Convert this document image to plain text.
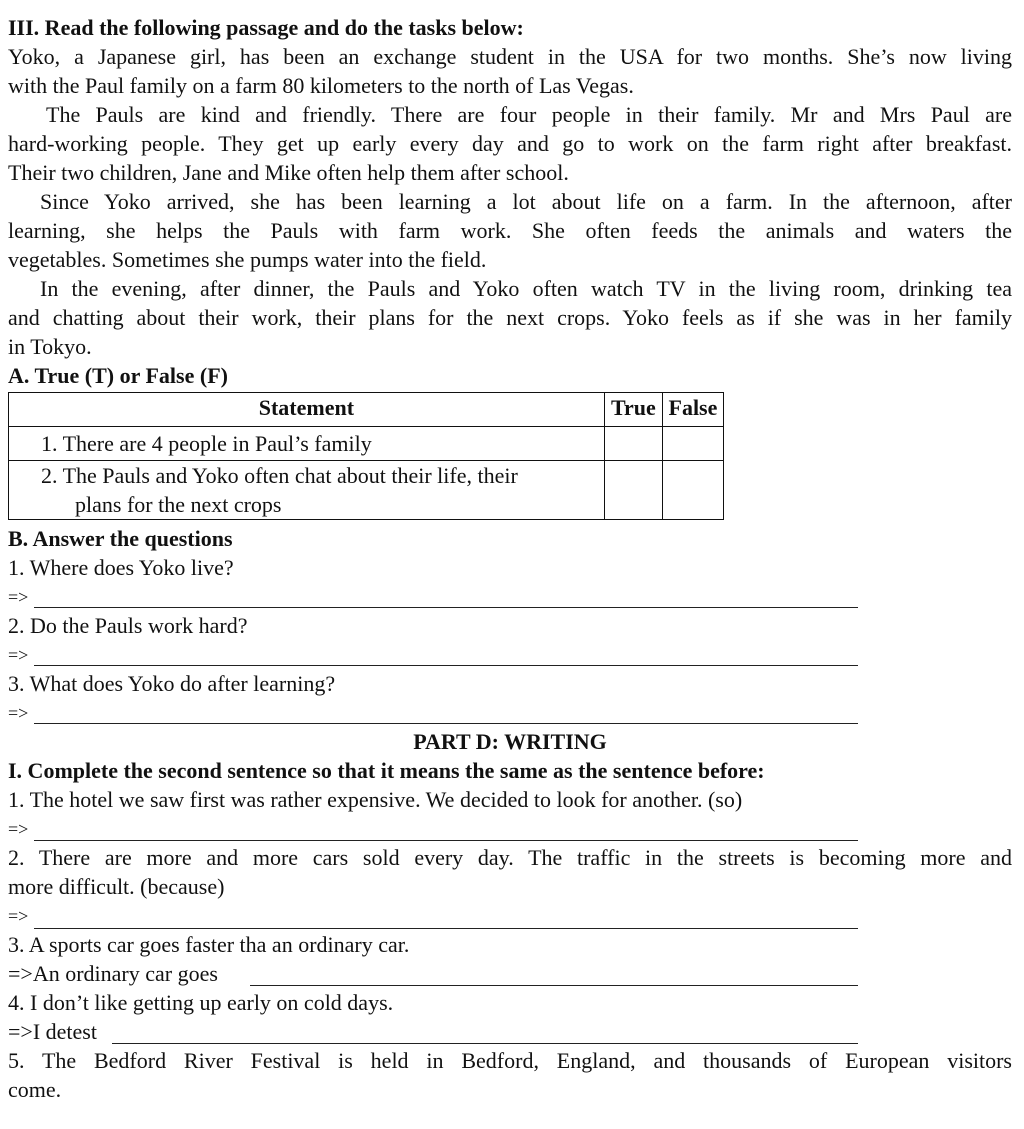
III. Read the following passage and do the tasks below:
Yoko, a Japanese girl, has been an exchange student in the USA for two months. She’s now living
with the Paul family on a farm 80 kilometers to the north of Las Vegas.
The Pauls are kind and friendly. There are four people in their family. Mr and Mrs Paul are
hard-working people. They get up early every day and go to work on the farm right after breakfast.
Their two children, Jane and Mike often help them after school.
Since Yoko arrived, she has been learning a lot about life on a farm. In the afternoon, after
learning, she helps the Pauls with farm work. She often feeds the animals and waters the
vegetables. Sometimes she pumps water into the field.
In the evening, after dinner, the Pauls and Yoko often watch TV in the living room, drinking tea
and chatting about their work, their plans for the next crops. Yoko feels as if she was in her family
in Tokyo.
A. True (T) or False (F)
Statement	True	False
1. There are 4 people in Paul’s family		

2. The Pauls and Yoko often chat about their life, their
plans for the next crops		

B. Answer the questions
1. Where does Yoko live?
=>
2. Do the Pauls work hard?
=>
3. What does Yoko do after learning?
=>
PART D: WRITING
I. Complete the second sentence so that it means the same as the sentence before:
1. The hotel we saw first was rather expensive. We decided to look for another. (so)
=>
2. There are more and more cars sold every day. The traffic in the streets is becoming more and
more difficult. (because)
=>
3. A sports car goes faster tha an ordinary car.
=>An ordinary car goes
4. I don’t like getting up early on cold days.
=>I detest
5. The Bedford River Festival is held in Bedford, England, and thousands of European visitors
come.
